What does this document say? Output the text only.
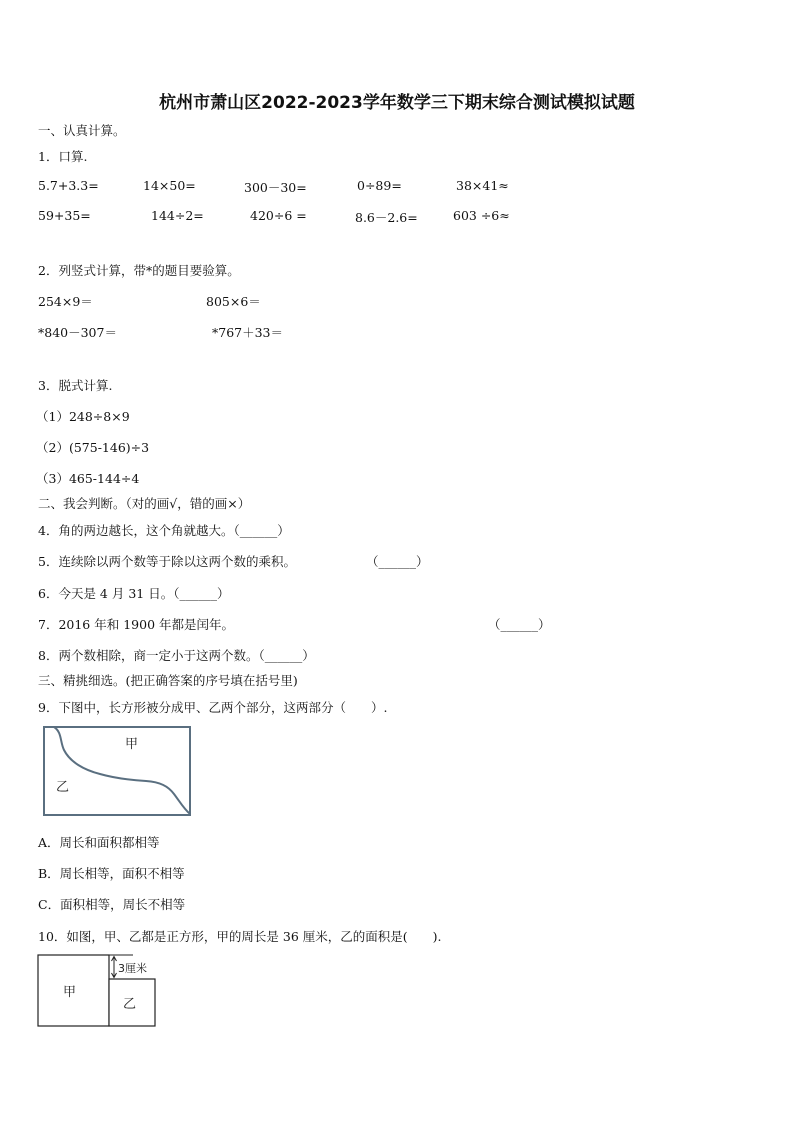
杭州市萧山区2022-2023学年数学三下期末综合测试模拟试题
一、认真计算。
1．口算.
5.7+3.3=	14×50=	300－30=	0÷89=	38×41≈
59+35=	144÷2=	420÷6 =	8.6－2.6=	603 ÷6≈
2．列竖式计算，带*的题目要验算。
254×9＝	805×6＝
*840－307＝	*767＋33＝
3．脱式计算.
（1）248÷8×9
（2）(575-146)÷3
（3）465-144÷4
二、我会判断。（对的画√，错的画×）
4．角的两边越长，这个角就越大。（______）
5．连续除以两个数等于除以这两个数的乘积。	（______）
6．今天是 4 月 31 日。（______）
7．2016 年和 1900 年都是闰年。	（______）
8．两个数相除，商一定小于这两个数。（______）
三、精挑细选。(把正确答案的序号填在括号里)
9．下图中，长方形被分成甲、乙两个部分，这两部分（　　）.
甲
乙
A．周长和面积都相等
B．周长相等，面积不相等
C．面积相等，周长不相等
10．如图，甲、乙都是正方形，甲的周长是 36 厘米，乙的面积是(　　).
甲
乙
3厘米
